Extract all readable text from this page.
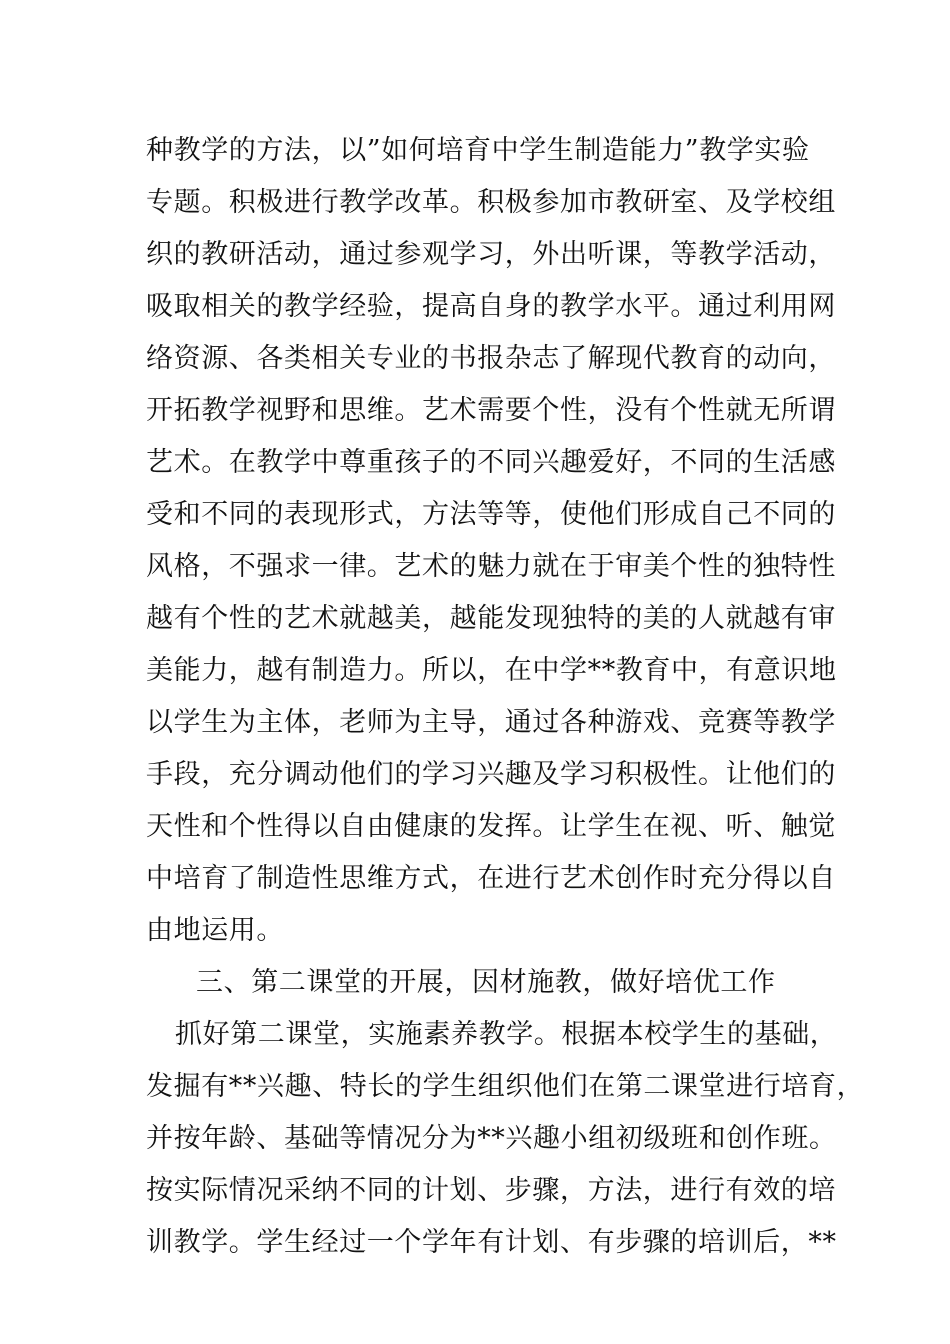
种教学的方法，以”如何培育中学生制造能力”教学实验
专题。积极进行教学改革。积极参加市教研室、及学校组
织的教研活动，通过参观学习，外出听课，等教学活动，
吸取相关的教学经验，提高自身的教学水平。通过利用网
络资源、各类相关专业的书报杂志了解现代教育的动向，
开拓教学视野和思维。艺术需要个性，没有个性就无所谓
艺术。在教学中尊重孩子的不同兴趣爱好，不同的生活感
受和不同的表现形式，方法等等，使他们形成自己不同的
风格，不强求一律。艺术的魅力就在于审美个性的独特性
越有个性的艺术就越美，越能发现独特的美的人就越有审
美能力，越有制造力。所以，在中学**教育中，有意识地
以学生为主体，老师为主导，通过各种游戏、竞赛等教学
手段，充分调动他们的学习兴趣及学习积极性。让他们的
天性和个性得以自由健康的发挥。让学生在视、听、触觉
中培育了制造性思维方式，在进行艺术创作时充分得以自
由地运用。
三、第二课堂的开展，因材施教，做好培优工作
抓好第二课堂，实施素养教学。根据本校学生的基础，
发掘有**兴趣、特长的学生组织他们在第二课堂进行培育，
并按年龄、基础等情况分为**兴趣小组初级班和创作班。
按实际情况采纳不同的计划、步骤，方法，进行有效的培
训教学。学生经过一个学年有计划、有步骤的培训后，**
